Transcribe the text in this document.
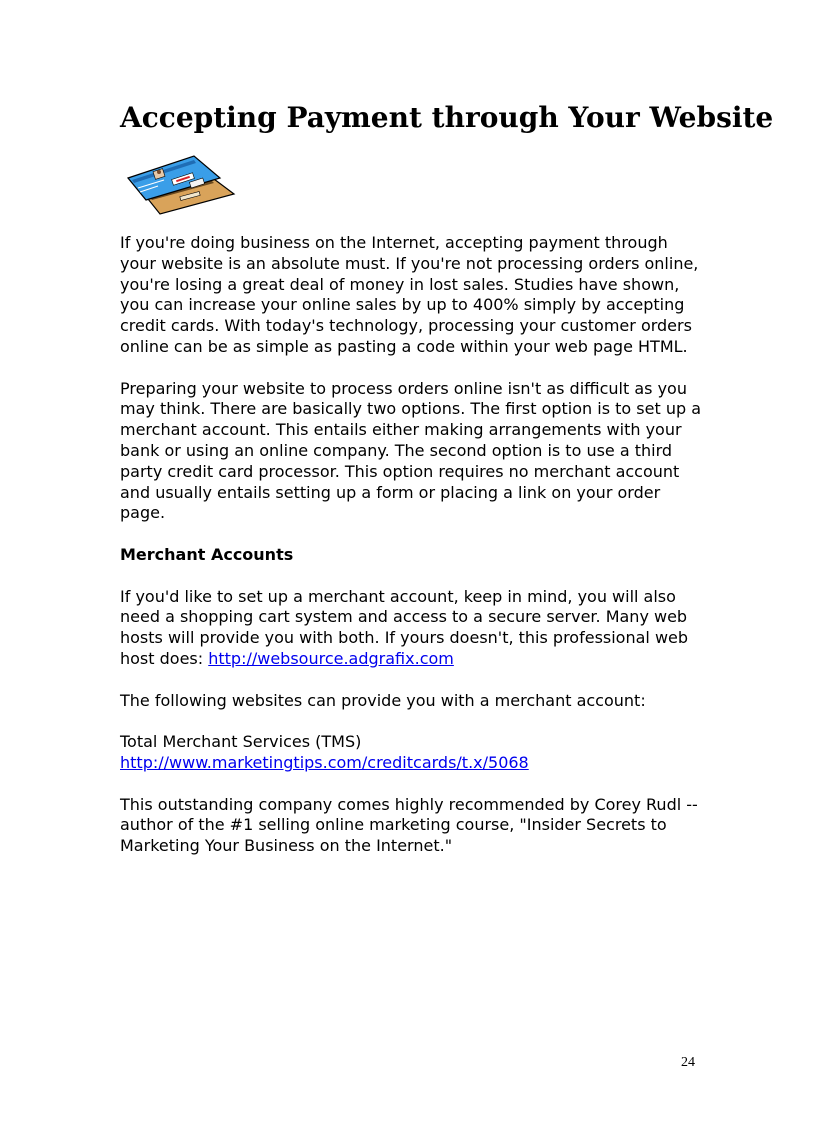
Accepting Payment through Your Website

If you're doing business on the Internet, accepting payment through your website is an absolute must. If you're not processing orders online, you're losing a great deal of money in lost sales. Studies have shown, you can increase your online sales by up to 400% simply by accepting credit cards. With today's technology, processing your customer orders online can be as simple as pasting a code within your web page HTML.

Preparing your website to process orders online isn't as difficult as you may think. There are basically two options. The first option is to set up a merchant account. This entails either making arrangements with your bank or using an online company. The second option is to use a third party credit card processor. This option requires no merchant account and usually entails setting up a form or placing a link on your order page.

Merchant Accounts

If you'd like to set up a merchant account, keep in mind, you will also need a shopping cart system and access to a secure server. Many web hosts will provide you with both. If yours doesn't, this professional web host does: http://websource.adgrafix.com

The following websites can provide you with a merchant account:

Total Merchant Services (TMS)
http://www.marketingtips.com/creditcards/t.x/5068

This outstanding company comes highly recommended by Corey Rudl -- author of the #1 selling online marketing course, "Insider Secrets to Marketing Your Business on the Internet."

24
